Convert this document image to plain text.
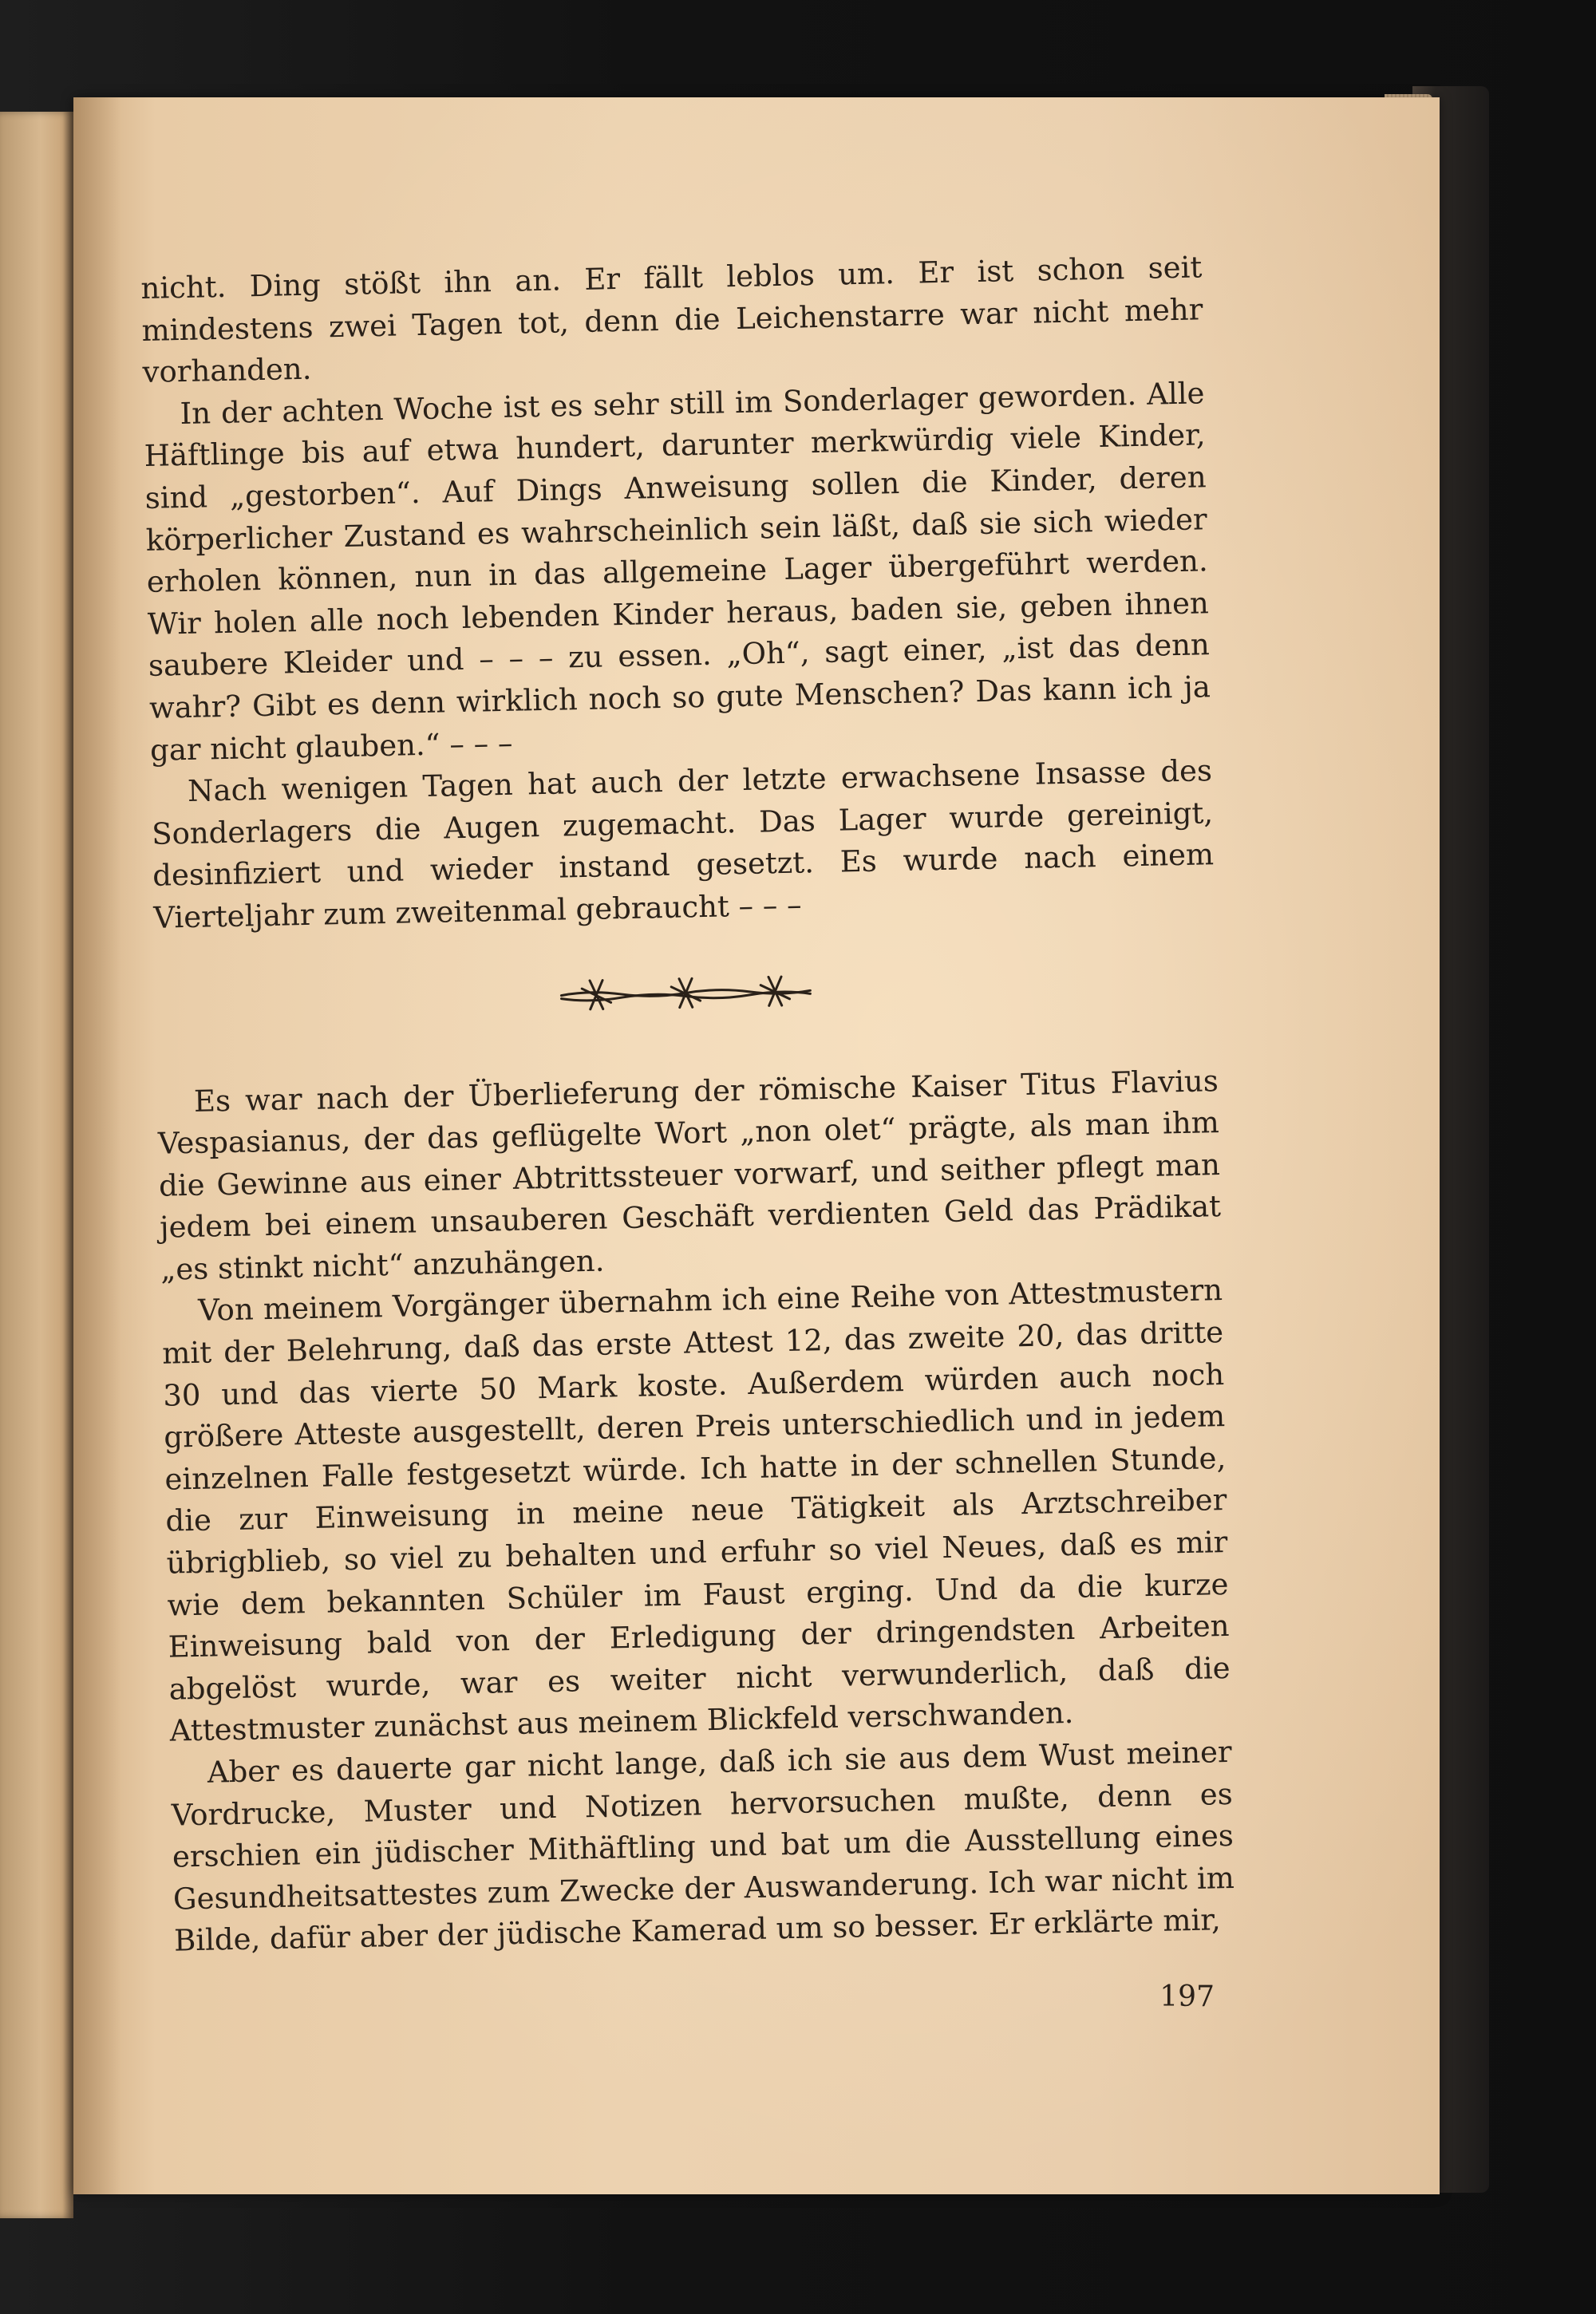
nicht. Ding stößt ihn an. Er fällt leblos um. Er ist schon seit mindestens zwei Tagen tot, denn die Leichenstarre war nicht mehr vorhanden.

In der achten Woche ist es sehr still im Sonderlager geworden. Alle Häftlinge bis auf etwa hundert, darunter merkwürdig viele Kinder, sind „gestorben“. Auf Dings Anweisung sollen die Kinder, deren körperlicher Zustand es wahrscheinlich sein läßt, daß sie sich wieder erholen können, nun in das allgemeine Lager übergeführt werden. Wir holen alle noch lebenden Kinder heraus, baden sie, geben ihnen saubere Kleider und – – – zu essen. „Oh“, sagt einer, „ist das denn wahr? Gibt es denn wirklich noch so gute Menschen? Das kann ich ja gar nicht glauben.“ – – –

Nach wenigen Tagen hat auch der letzte erwachsene Insasse des Sonderlagers die Augen zugemacht. Das Lager wurde gereinigt, desinfiziert und wieder instand gesetzt. Es wurde nach einem Vierteljahr zum zweitenmal gebraucht – – –

Es war nach der Überlieferung der römische Kaiser Titus Flavius Vespasianus, der das geflügelte Wort „non olet“ prägte, als man ihm die Gewinne aus einer Abtrittssteuer vorwarf, und seither pflegt man jedem bei einem unsauberen Geschäft verdienten Geld das Prädikat „es stinkt nicht“ anzuhängen.

Von meinem Vorgänger übernahm ich eine Reihe von Attestmustern mit der Belehrung, daß das erste Attest 12, das zweite 20, das dritte 30 und das vierte 50 Mark koste. Außerdem würden auch noch größere Atteste ausgestellt, deren Preis unterschiedlich und in jedem einzelnen Falle festgesetzt würde. Ich hatte in der schnellen Stunde, die zur Einweisung in meine neue Tätigkeit als Arztschreiber übrigblieb, so viel zu behalten und erfuhr so viel Neues, daß es mir wie dem bekannten Schüler im Faust erging. Und da die kurze Einweisung bald von der Erledigung der dringendsten Arbeiten abgelöst wurde, war es weiter nicht verwunderlich, daß die Attestmuster zunächst aus meinem Blickfeld verschwanden.

Aber es dauerte gar nicht lange, daß ich sie aus dem Wust meiner Vordrucke, Muster und Notizen hervorsuchen mußte, denn es erschien ein jüdischer Mithäftling und bat um die Ausstellung eines Gesundheitsattestes zum Zwecke der Auswanderung. Ich war nicht im Bilde, dafür aber der jüdische Kamerad um so besser. Er erklärte mir,

197
